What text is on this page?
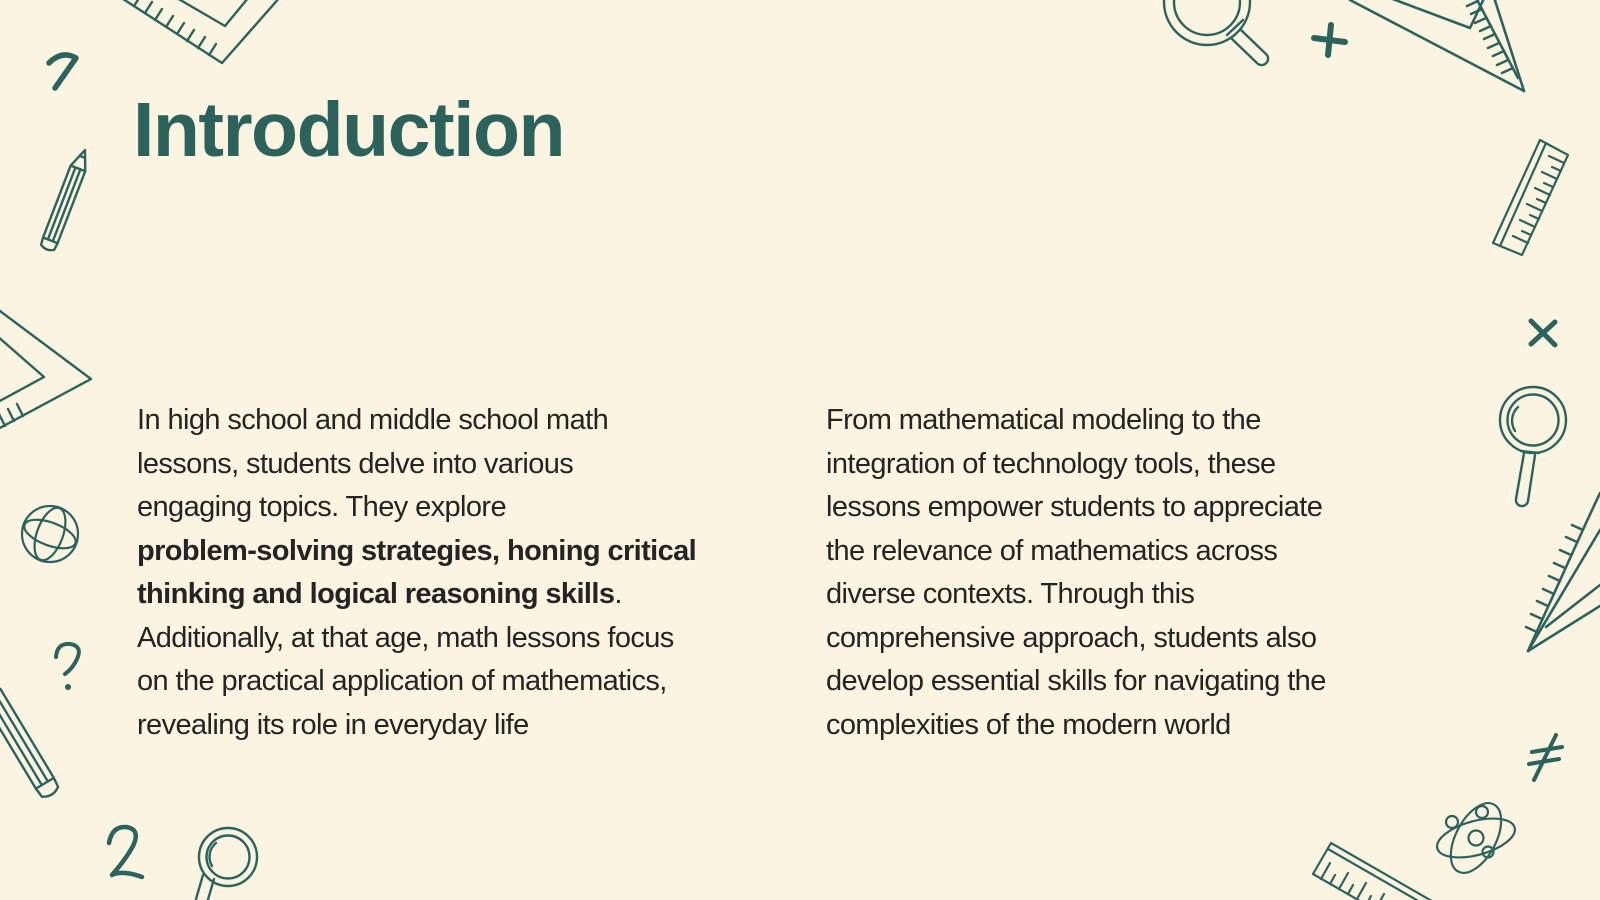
Introduction
In high school and middle school math
lessons, students delve into various
engaging topics. They explore
problem-solving strategies, honing critical
thinking and logical reasoning skills.
Additionally, at that age, math lessons focus
on the practical application of mathematics,
revealing its role in everyday life
From mathematical modeling to the
integration of technology tools, these
lessons empower students to appreciate
the relevance of mathematics across
diverse contexts. Through this
comprehensive approach, students also
develop essential skills for navigating the
complexities of the modern world
